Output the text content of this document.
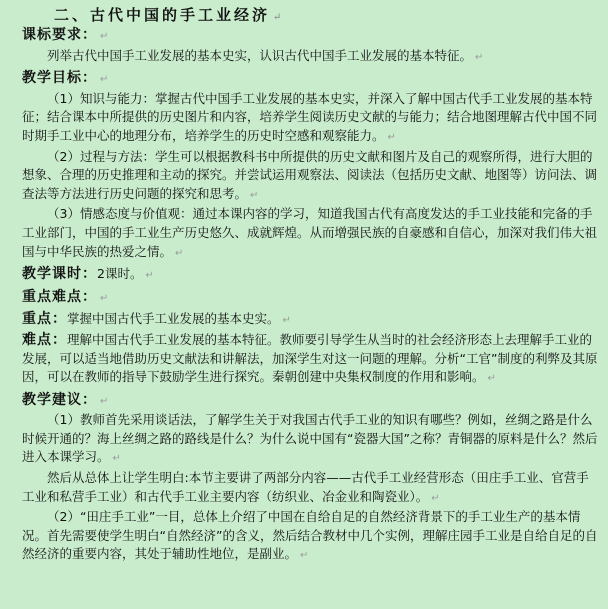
二、古代中国的手工业经济 ↵
课标要求： ↵

列举古代中国手工业发展的基本史实，认识古代中国手工业发展的基本特征。 ↵

教学目标： ↵

（1）知识与能力：掌握古代中国手工业发展的基本史实，并深入了解中国古代手工业发展的基本特征；结合课本中所提供的历史图片和内容，培养学生阅读历史文献的与能力；结合地图理解古代中国不同时期手工业中心的地理分布，培养学生的历史时空感和观察能力。 ↵

（2）过程与方法：学生可以根据教科书中所提供的历史文献和图片及自己的观察所得，进行大胆的想象、合理的历史推理和主动的探究。并尝试运用观察法、阅读法（包括历史文献、地图等）访问法、调查法等方法进行历史问题的探究和思考。 ↵

（3）情感态度与价值观：通过本课内容的学习，知道我国古代有高度发达的手工业技能和完备的手工业部门，中国的手工业生产历史悠久、成就辉煌。从而增强民族的自豪感和自信心，加深对我们伟大祖国与中华民族的热爱之情。 ↵

教学课时：2课时。 ↵
重点难点： ↵
重点：掌握中国古代手工业发展的基本史实。 ↵

难点：理解中国古代手工业发展的基本特征。教师要引导学生从当时的社会经济形态上去理解手工业的发展，可以适当地借助历史文献法和讲解法，加深学生对这一问题的理解。分析“工官”制度的利弊及其原因，可以在教师的指导下鼓励学生进行探究。秦朝创建中央集权制度的作用和影响。 ↵

教学建议： ↵

（1）教师首先采用谈话法，了解学生关于对我国古代手工业的知识有哪些？例如，丝绸之路是什么时候开通的？海上丝绸之路的路线是什么？为什么说中国有“瓷器大国”之称？青铜器的原料是什么？然后进入本课学习。 ↵

然后从总体上让学生明白:本节主要讲了两部分内容——古代手工业经营形态（田庄手工业、官营手工业和私营手工业）和古代手工业主要内容（纺织业、冶金业和陶瓷业）。 ↵

（2）“田庄手工业”一目，总体上介绍了中国在自给自足的自然经济背景下的手工业生产的基本情况。首先需要使学生明白“自然经济”的含义，然后结合教材中几个实例，理解庄园手工业是自给自足的自然经济的重要内容，其处于辅助性地位，是副业。 ↵
